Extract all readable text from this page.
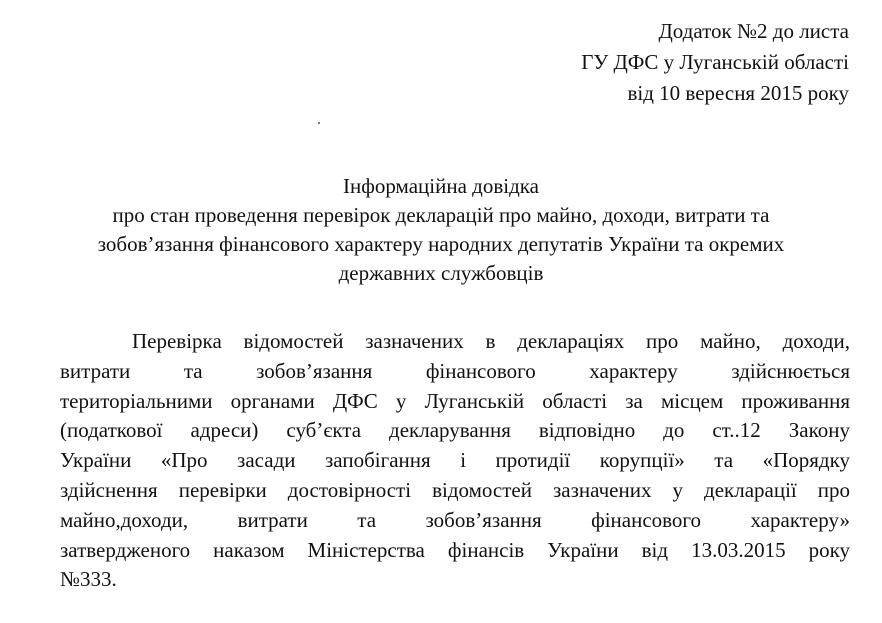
Додаток №2 до листа
ГУ ДФС у Луганській області
від 10 вересня 2015 року
Інформаційна довідка
про стан проведення перевірок декларацій про майно, доходи, витрати та
зобов’язання фінансового характеру народних депутатів України та окремих
державних службовців
Перевірка відомостей зазначених в деклараціях про майно, доходи,
витрати та зобов’язання фінансового характеру здійснюється
територіальними органами ДФС у Луганській області за місцем проживання
(податкової адреси) суб’єкта декларування відповідно до ст..12 Закону
України «Про засади запобігання і протидії корупції» та «Порядку
здійснення перевірки достовірності відомостей зазначених у декларації про
майно,доходи, витрати та зобов’язання фінансового характеру»
затвердженого наказом Міністерства фінансів України від 13.03.2015 року
№333.
